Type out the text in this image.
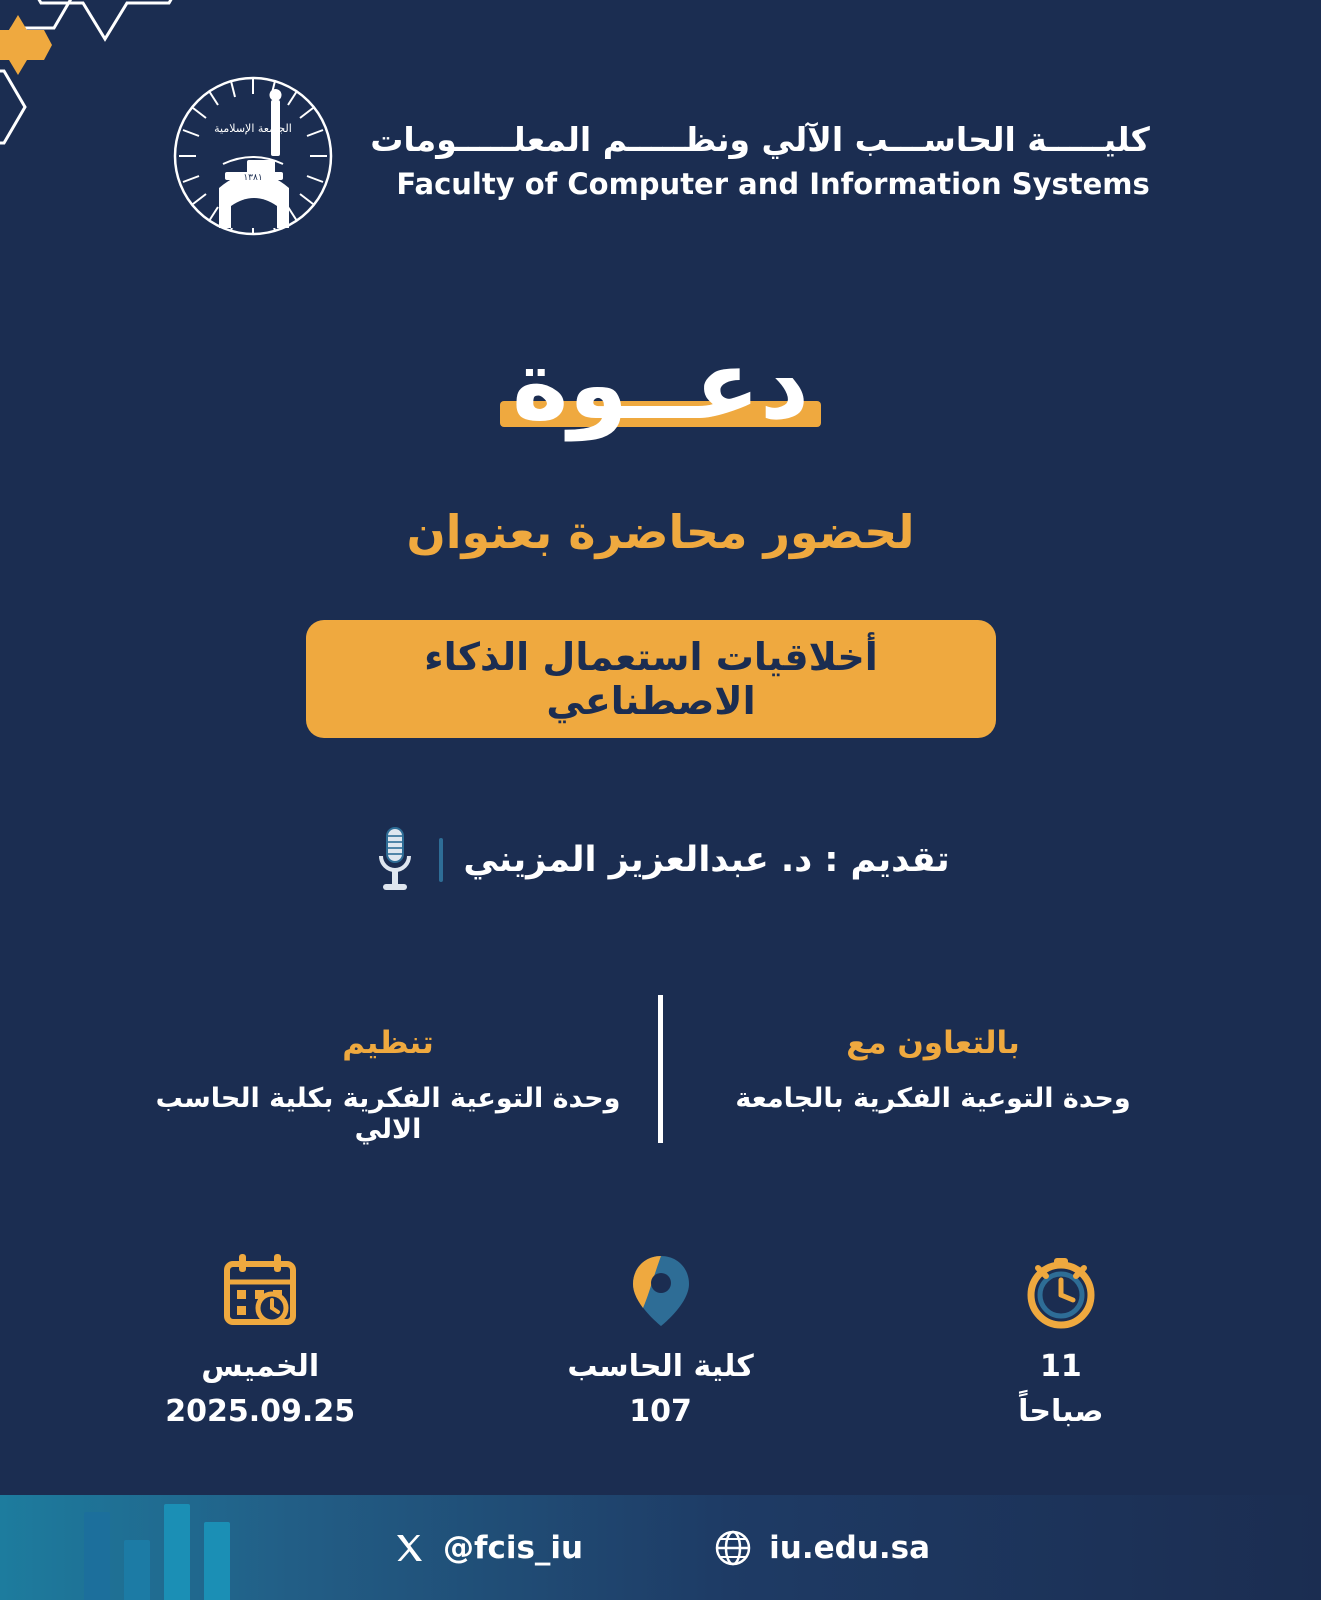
كليـــــة الحاســـب الآلي ونظـــــم المعلـــــومات
Faculty of Computer and Information Systems
١٣٨١
الجامعة الإسلامية
دعــوة
لحضور محاضرة بعنوان
أخلاقيات استعمال الذكاء الاصطناعي
تقديم : د. عبدالعزيز المزيني
بالتعاون مع
وحدة التوعية الفكرية بالجامعة
تنظيم
وحدة التوعية الفكرية بكلية الحاسب الالي
11
صباحاً
كلية الحاسب
107
الخميس
2025.09.25
iu.edu.sa
@fcis_iu
